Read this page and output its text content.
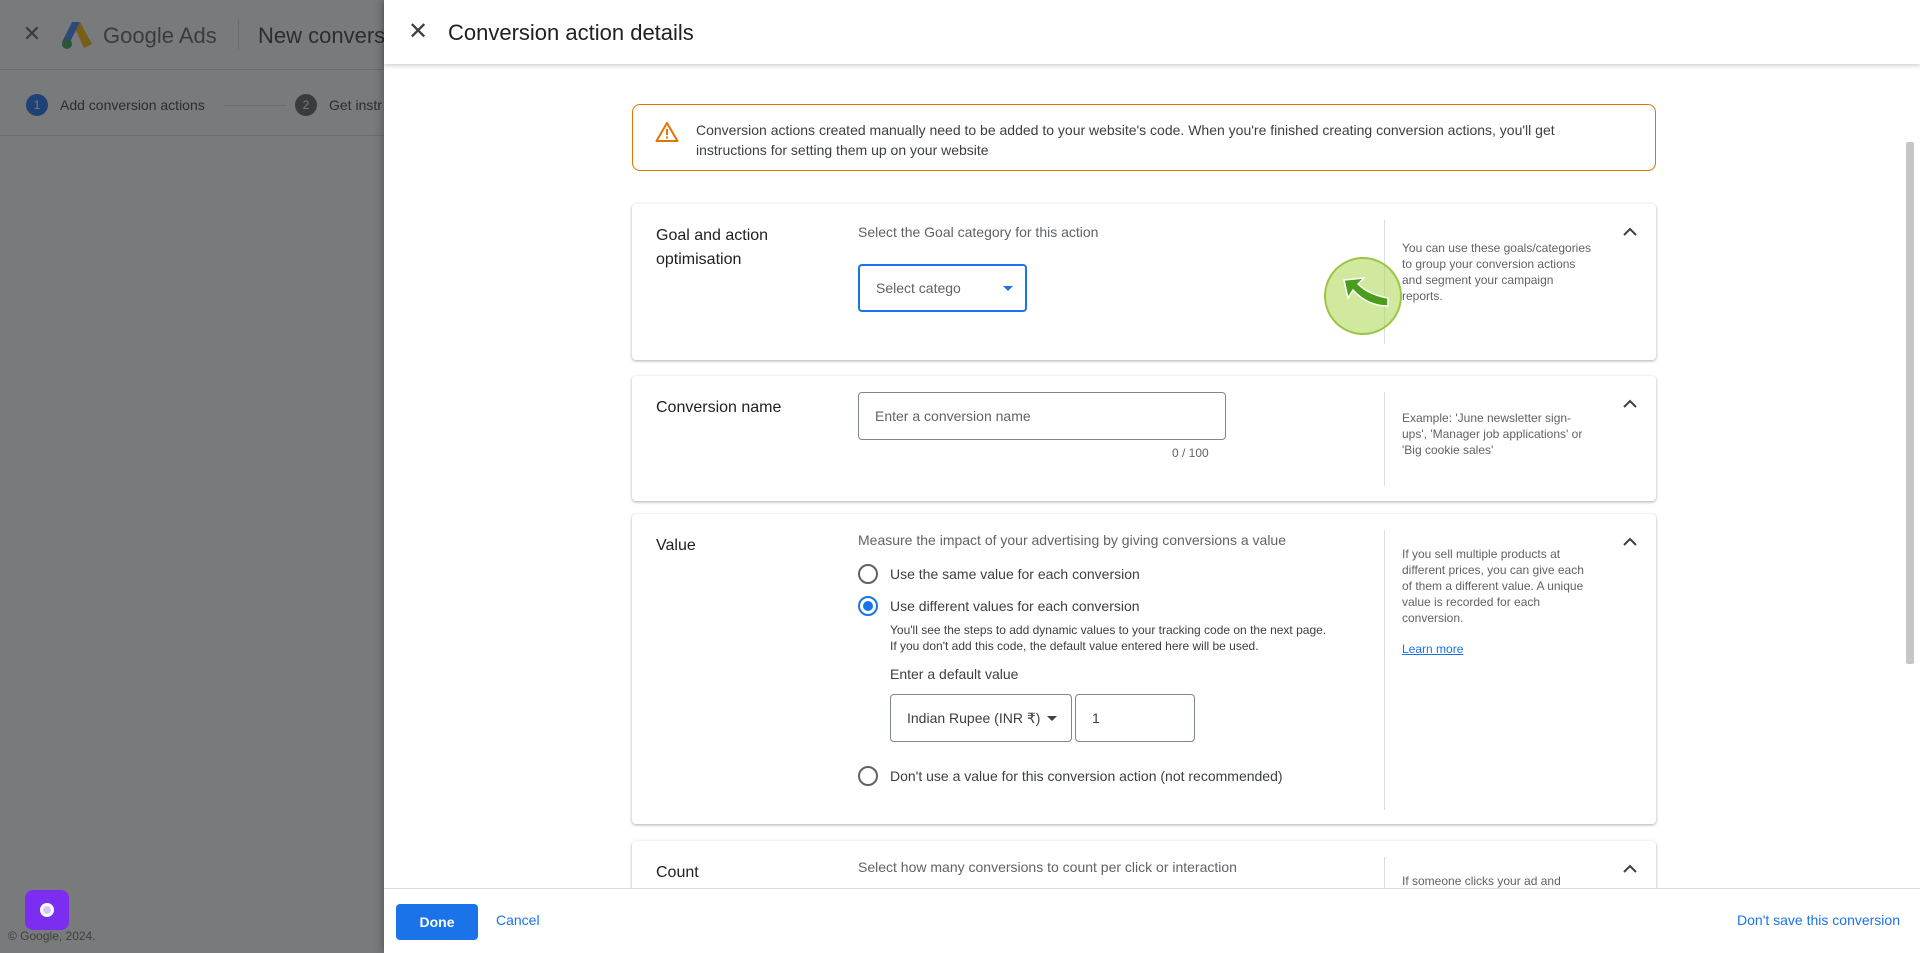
© Google, 2024.
✕ Conversion action details
Conversion actions created manually need to be added to your website's code. When you're finished creating conversion actions, you'll get instructions for setting them up on your website
Goal and action optimisation
Select the Goal category for this action
Select catego
You can use these goals/categories to group your conversion actions and segment your campaign reports.
Conversion name
Enter a conversion name
0 / 100
Example: 'June newsletter sign-ups', 'Manager job applications' or 'Big cookie sales'
Value	Measure the impact of your advertising by giving conversions a value
Use the same value for each conversion
Use different values for each conversion
You'll see the steps to add dynamic values to your tracking code on the next page.
If you don't add this code, the default value entered here will be used.
Enter a default value
Indian Rupee (INR ₹)
1
Don't use a value for this conversion action (not recommended)
If you sell multiple products at different prices, you can give each of them a different value. A unique value is recorded for each conversion.
Learn more
Count	Select how many conversions to count per click or interaction
If someone clicks your ad and
Done	Cancel	Don't save this conversion
